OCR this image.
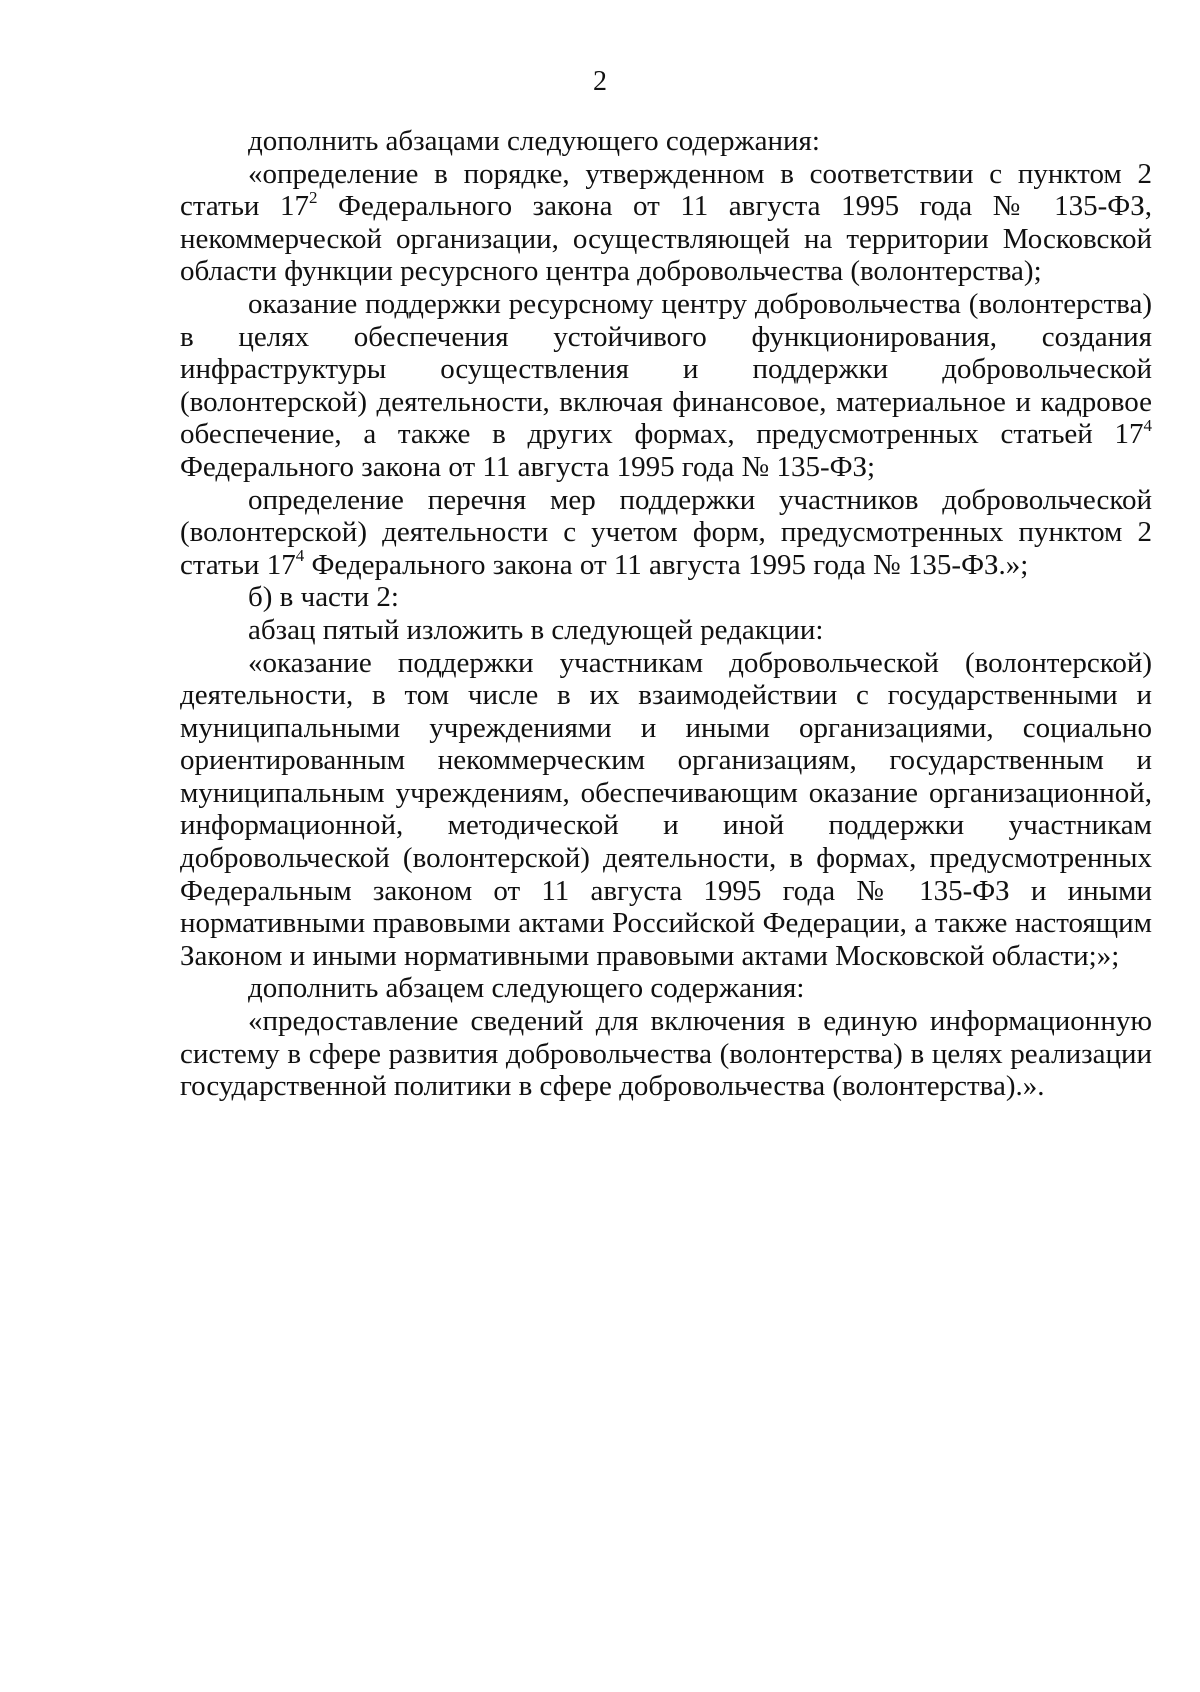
2

дополнить абзацами следующего содержания:

«определение в порядке, утвержденном в соответствии с пунктом 2 статьи $17^2$ Федерального закона от 11 августа 1995 года № 135-ФЗ, некоммерческой организации, осуществляющей на территории Московской области функции ресурсного центра добровольчества (волонтерства);

оказание поддержки ресурсному центру добровольчества (волонтерства) в целях обеспечения устойчивого функционирования, создания инфраструктуры осуществления и поддержки добровольческой (волонтерской) деятельности, включая финансовое, материальное и кадровое обеспечение, а также в других формах, предусмотренных статьей $17^4$ Федерального закона от 11 августа 1995 года № 135-ФЗ;

определение перечня мер поддержки участников добровольческой (волонтерской) деятельности с учетом форм, предусмотренных пунктом 2 статьи $17^4$ Федерального закона от 11 августа 1995 года № 135-ФЗ.»;

б) в части 2:

абзац пятый изложить в следующей редакции:

«оказание поддержки участникам добровольческой (волонтерской) деятельности, в том числе в их взаимодействии с государственными и муниципальными учреждениями и иными организациями, социально ориентированным некоммерческим организациям, государственным и муниципальным учреждениям, обеспечивающим оказание организационной, информационной, методической и иной поддержки участникам добровольческой (волонтерской) деятельности, в формах, предусмотренных Федеральным законом от 11 августа 1995 года № 135-ФЗ и иными нормативными правовыми актами Российской Федерации, а также настоящим Законом и иными нормативными правовыми актами Московской области;»;

дополнить абзацем следующего содержания:

«предоставление сведений для включения в единую информационную систему в сфере развития добровольчества (волонтерства) в целях реализации государственной политики в сфере добровольчества (волонтерства).».
